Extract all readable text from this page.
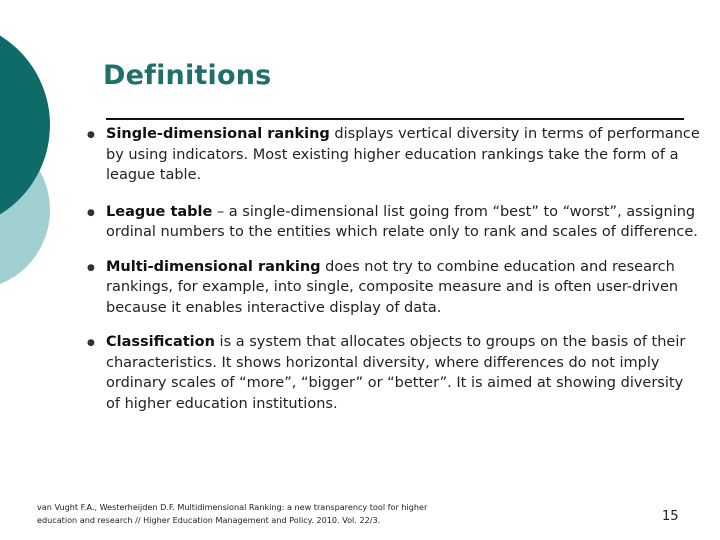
Definitions
● Single-dimensional ranking displays vertical diversity in terms of performance by using indicators. Most existing higher education rankings take the form of a league table.
● League table – a single-dimensional list going from “best” to “worst”, assigning ordinal numbers to the entities which relate only to rank and scales of difference.
● Multi-dimensional ranking does not try to combine education and research rankings, for example, into single, composite measure and is often user-driven because it enables interactive display of data.
● Classification is a system that allocates objects to groups on the basis of their characteristics. It shows horizontal diversity, where differences do not imply ordinary scales of “more”, “bigger” or “better”. It is aimed at showing diversity of higher education institutions.
van Vught F.A., Westerheijden D.F. Multidimensional Ranking: a new transparency tool for higher
education and research // Higher Education Management and Policy. 2010. Vol. 22/3.	15
